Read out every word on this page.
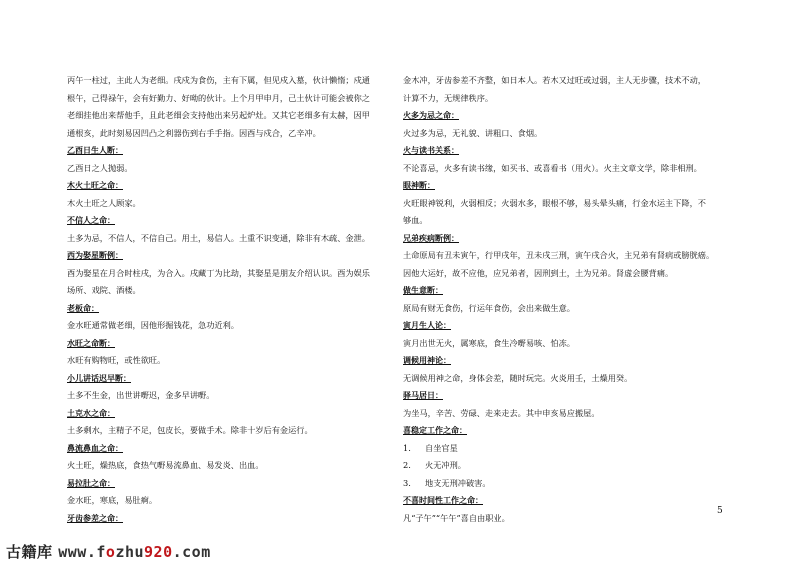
丙午一柱过，主此人为老细。戌戍为食伤，主有下属，但见戍入墓，伙计懒惰；戍通

根午，己得禄午，会有好勤力、好呦的伙计。上个月甲申月，己土伙计可能会被你之

老细挂他出来帮他手，且此老细会支持他出来另起炉灶。又其它老细多有太赫，因甲

通根亥，此时刻易因凹凸之利器伤到右手手指。因酉与戍合，乙辛冲。

乙酉日生人断：

乙酉日之人抛弱。

木火土旺之命：

木火土旺之人顾家。

不信人之命：

土多为忌，不信人，不信自己。用土，易信人。土重不识变通，除非有木疏、金泄。

西为娶星断例：

酉为娶星在月合时柱戌，为合入。戌藏丁为比劫，其娶星是朋友介绍认识。酉为娱乐

场所、戏院、酒楼。

老板命：

金水旺通常做老细，因他形掘钱花，急功近利。

水旺之命断：

水旺有购物旺，或性欲旺。

小儿讲话迟早断：

土多不生金，出世讲嘢迟，金多早讲嘢。

土克水之命：

土多剩水，主精子不足，包皮长，要做手术。除非十岁后有金运行。

鼻流鼻血之命：

火土旺，燥热底，食热气嘢易流鼻血、易发炎、出血。

易拉肚之命：

金水旺，寒底，易肚痾。

牙齿参差之命：

金木冲，牙齿参差不齐整，如日本人。若木又过旺或过弱，主人无步骤，技术不动，

计算不力，无规律秩序。

火多为忌之命：

火过多为忌，无礼貌、讲粗口、食烟。

火与读书关系：

不论喜忌，火多有读书缘，如买书、或喜看书（用火）。火主文章文学，除非相刑。

眼神断：

火旺眼神锐利，火弱相反；火弱水多，眼根不够，易头晕头痛，行金水运主下降，不

够血。

兄弟疾病断例：

土命原局有丑未寅午，行甲戌年，丑未戌三刑，寅午戌合火，主兄弟有肾病或膀胱癌。

因他大运好，故不应他，应兄弟者，因刑到土，土为兄弟。肾虚会腰背痛。

做生意断：

原局有财无食伤，行运年食伤，会出来做生意。

寅月生人论：

寅月出世无火，属寒底，食生冷嘢易咳、怕冻。

调候用神论：

无调候用神之命，身体会差，随时玩完。火炎用壬，土燥用癸。

驿马居日：

为坐马，辛苦、劳碌、走来走去。其中申亥易应搬屋。

喜稳定工作之命：

1. 自坐官星

2. 火无冲刑。

3. 地支无刑冲破害。

不喜时间性工作之命：

凡“子午”“午午”喜自由职业。

5
古籍库 www.fozhu920.com
